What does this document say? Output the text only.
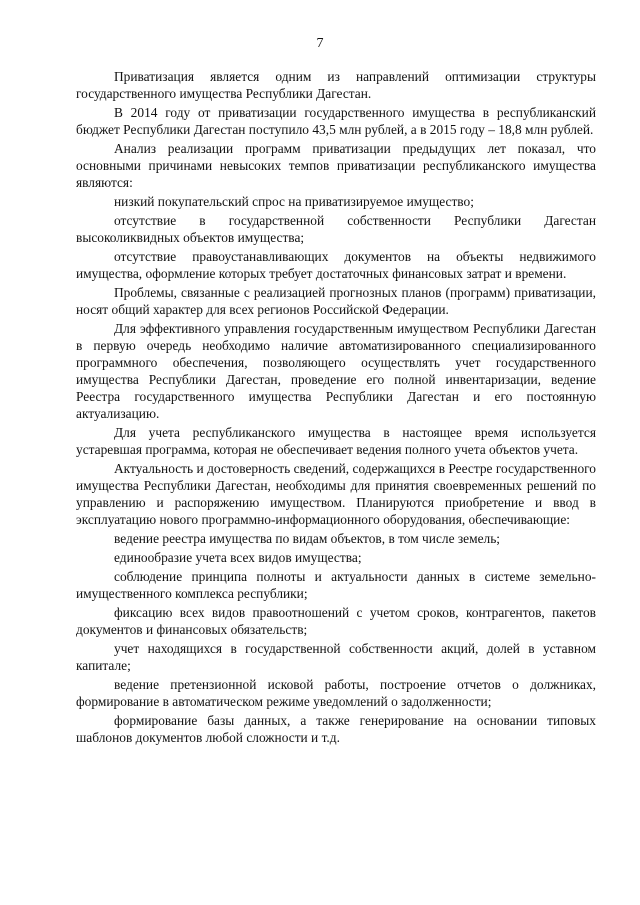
7

Приватизация является одним из направлений оптимизации структуры государственного имущества Республики Дагестан.

В 2014 году от приватизации государственного имущества в республиканский бюджет Республики Дагестан поступило 43,5 млн рублей, а в 2015 году – 18,8 млн рублей.

Анализ реализации программ приватизации предыдущих лет показал, что основными причинами невысоких темпов приватизации республиканского имущества являются:

низкий покупательский спрос на приватизируемое имущество;

отсутствие в государственной собственности Республики Дагестан высоколиквидных объектов имущества;

отсутствие правоустанавливающих документов на объекты недвижимого имущества, оформление которых требует достаточных финансовых затрат и времени.

Проблемы, связанные с реализацией прогнозных планов (программ) приватизации, носят общий характер для всех регионов Российской Федерации.

Для эффективного управления государственным имуществом Республики Дагестан в первую очередь необходимо наличие автоматизированного специализированного программного обеспечения, позволяющего осуществлять учет государственного имущества Республики Дагестан, проведение его полной инвентаризации, ведение Реестра государственного имущества Республики Дагестан и его постоянную актуализацию.

Для учета республиканского имущества в настоящее время используется устаревшая программа, которая не обеспечивает ведения полного учета объектов учета.

Актуальность и достоверность сведений, содержащихся в Реестре государственного имущества Республики Дагестан, необходимы для принятия своевременных решений по управлению и распоряжению имуществом. Планируются приобретение и ввод в эксплуатацию нового программно-информационного оборудования, обеспечивающие:

ведение реестра имущества по видам объектов, в том числе земель;

единообразие учета всех видов имущества;

соблюдение принципа полноты и актуальности данных в системе земельно-имущественного комплекса республики;

фиксацию всех видов правоотношений с учетом сроков, контрагентов, пакетов документов и финансовых обязательств;

учет находящихся в государственной собственности акций, долей в уставном капитале;

ведение претензионной исковой работы, построение отчетов о должниках, формирование в автоматическом режиме уведомлений о задолженности;

формирование базы данных, а также генерирование на основании типовых шаблонов документов любой сложности и т.д.
